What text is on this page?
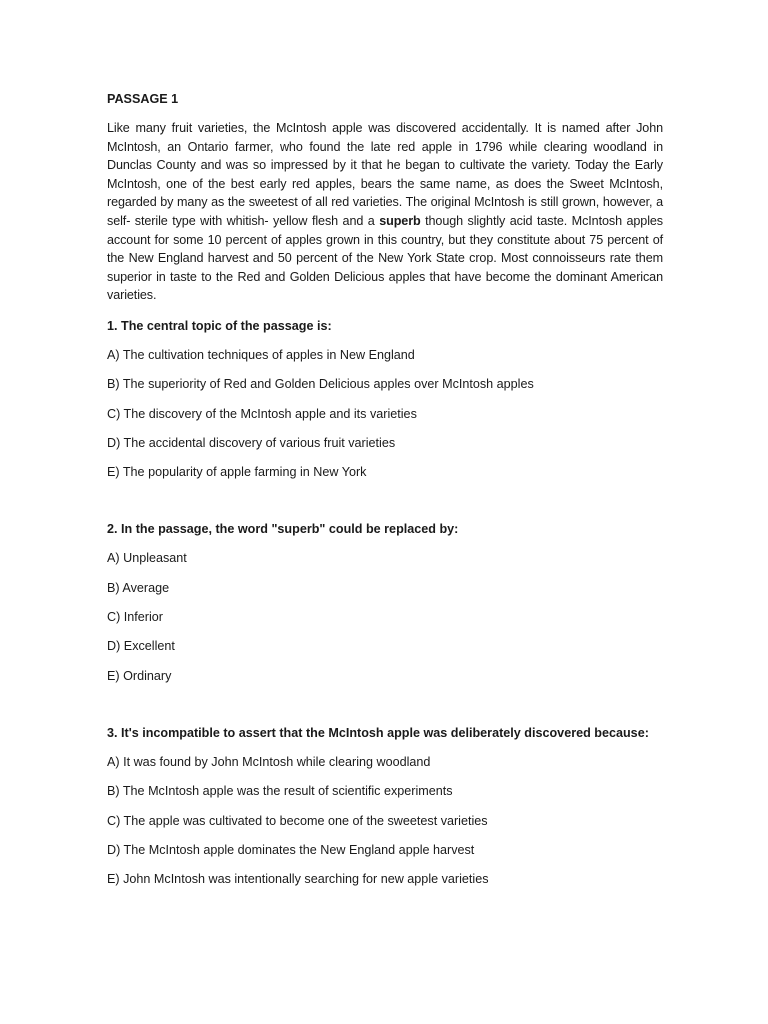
PASSAGE 1
Like many fruit varieties, the McIntosh apple was discovered accidentally. It is named after John McIntosh, an Ontario farmer, who found the late red apple in 1796 while clearing woodland in Dunclas County and was so impressed by it that he began to cultivate the variety. Today the Early McIntosh, one of the best early red apples, bears the same name, as does the Sweet McIntosh, regarded by many as the sweetest of all red varieties. The original McIntosh is still grown, however, a self- sterile type with whitish- yellow flesh and a superb though slightly acid taste. McIntosh apples account for some 10 percent of apples grown in this country, but they constitute about 75 percent of the New England harvest and 50 percent of the New York State crop. Most connoisseurs rate them superior in taste to the Red and Golden Delicious apples that have become the dominant American varieties.
1. The central topic of the passage is:
A) The cultivation techniques of apples in New England
B) The superiority of Red and Golden Delicious apples over McIntosh apples
C) The discovery of the McIntosh apple and its varieties
D) The accidental discovery of various fruit varieties
E) The popularity of apple farming in New York
2. In the passage, the word "superb" could be replaced by:
A) Unpleasant
B) Average
C) Inferior
D) Excellent
E) Ordinary
3. It's incompatible to assert that the McIntosh apple was deliberately discovered because:
A) It was found by John McIntosh while clearing woodland
B) The McIntosh apple was the result of scientific experiments
C) The apple was cultivated to become one of the sweetest varieties
D) The McIntosh apple dominates the New England apple harvest
E) John McIntosh was intentionally searching for new apple varieties
